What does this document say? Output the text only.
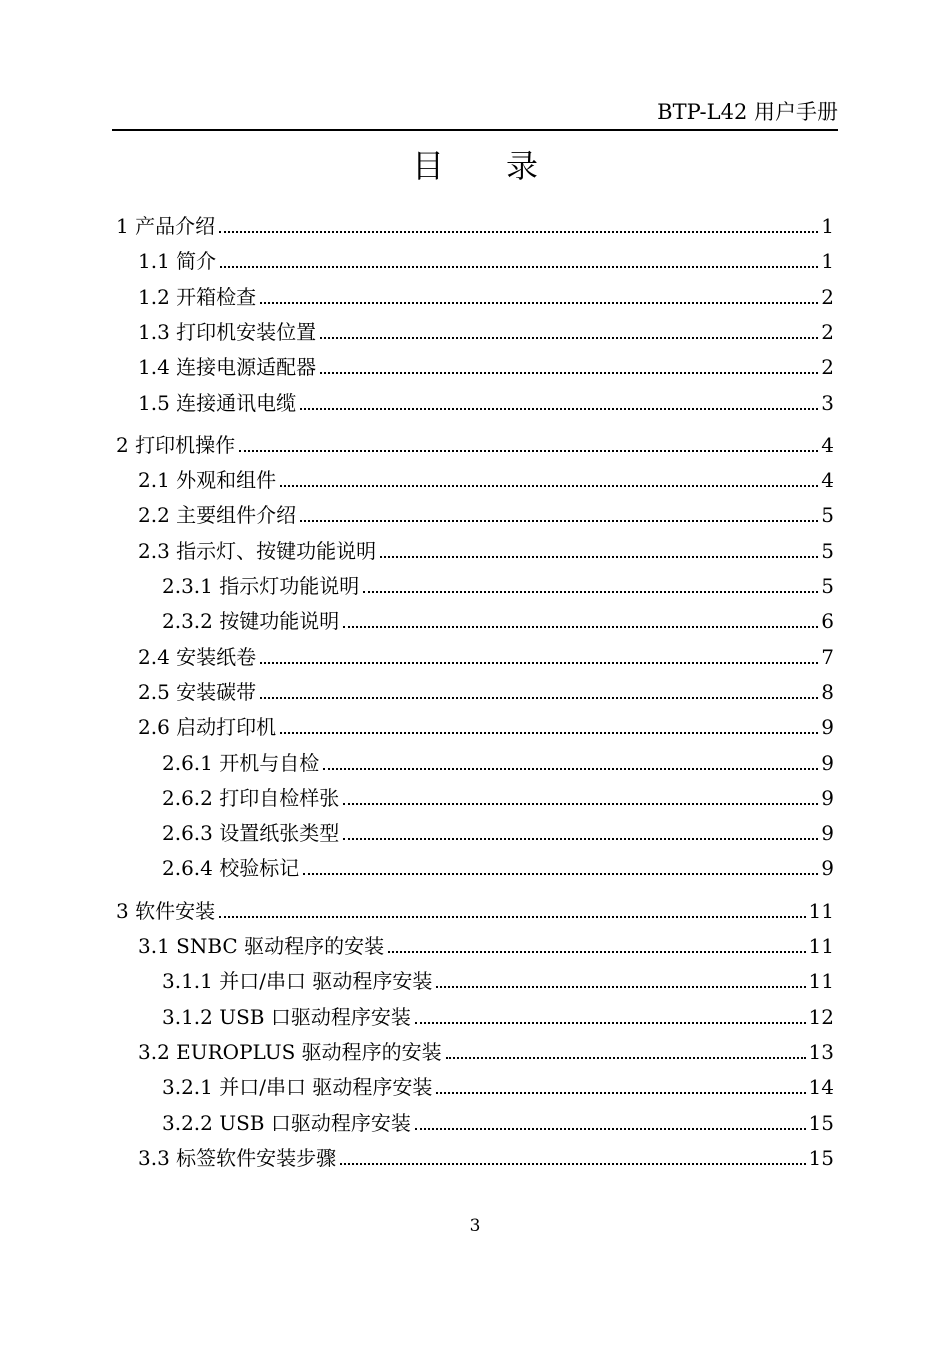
BTP-L42 用户手册
目 录
1 产品介绍	1
1.1 简介	1
1.2 开箱检查	2
1.3 打印机安装位置	2
1.4 连接电源适配器	2
1.5 连接通讯电缆	3
2 打印机操作	4
2.1 外观和组件	4
2.2 主要组件介绍	5
2.3 指示灯、按键功能说明	5
2.3.1 指示灯功能说明	5
2.3.2 按键功能说明	6
2.4 安装纸卷	7
2.5 安装碳带	8
2.6 启动打印机	9
2.6.1 开机与自检	9
2.6.2 打印自检样张	9
2.6.3 设置纸张类型	9
2.6.4 校验标记	9
3 软件安装	11
3.1 SNBC 驱动程序的安装	11
3.1.1 并口/串口 驱动程序安装	11
3.1.2 USB 口驱动程序安装	12
3.2 EUROPLUS 驱动程序的安装	13
3.2.1 并口/串口 驱动程序安装	14
3.2.2 USB 口驱动程序安装	15
3.3 标签软件安装步骤	15
3
